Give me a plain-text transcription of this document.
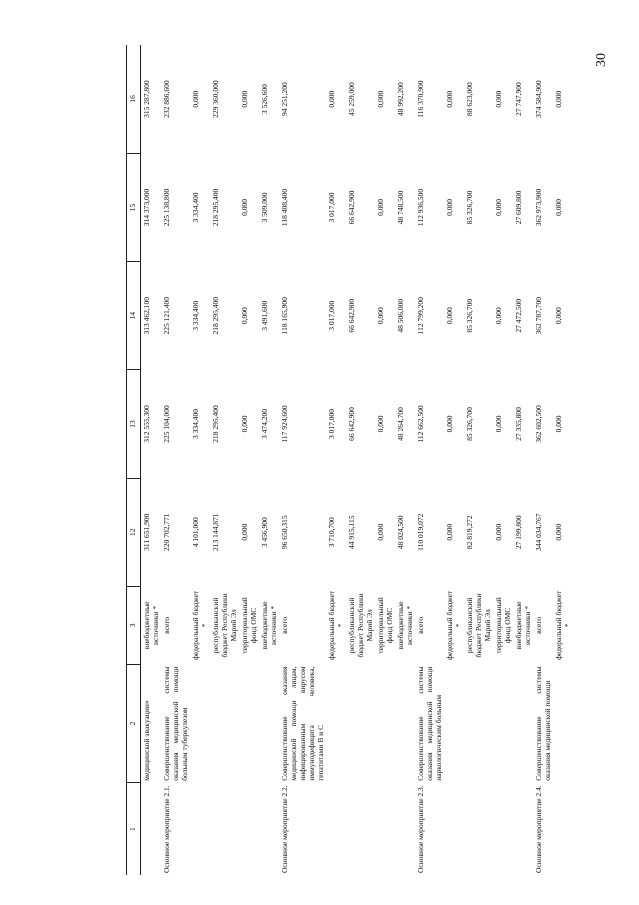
30
1	2	3	12	13	14	15	16
	медицинской эвакуации»	внебюджетные источники *	311 651,900	312 555,300	313 462,100	314 373,000	315 287,800
Основное мероприятие 2.1.	Совершенствование системы оказания медицинской помощи больным туберкулезом	всего	220 702,771	225 104,000	225 121,400	225 138,800	232 886,600
		федеральный бюджет *	4 101,000	3 334,400	3 334,400	3 334,400	0,000
		республиканский бюджет Республики Марий Эл	213 144,871	218 295,400	218 295,400	218 295,400	229 360,000
		территориальный фонд ОМС	0,000	0,000	0,000	0,000	0,000
		внебюджетные источники *	3 456,900	3 474,200	3 491,600	3 509,000	3 526,600
Основное мероприятие 2.2.	Совершенствование оказания медицинской помощи лицам, инфицированным вирусом иммунодефицита человека, гепатитами В и С	всего	96 650,315	117 924,600	118 165,900	118 408,400	94 251,200
		федеральный бюджет *	3 710,700	3 017,000	3 017,000	3 017,000	0,000
		республиканский бюджет Республики Марий Эл	44 915,115	66 642,900	66 642,900	66 642,900	45 259,000
		территориальный фонд ОМС	0,000	0,000	0,000	0,000	0,000
		внебюджетные источники *	48 024,500	48 264,700	48 506,000	48 748,500	48 992,200
Основное мероприятие 2.3.	Совершенствование системы оказания медицинской помощи наркологическим больным	всего	110 019,072	112 662,500	112 799,200	112 936,500	116 370,900
		федеральный бюджет *	0,000	0,000	0,000	0,000	0,000
		республиканский бюджет Республики Марий Эл	82 819,272	85 326,700	85 326,700	85 326,700	88 623,000
		территориальный фонд ОМС	0,000	0,000	0,000	0,000	0,000
		внебюджетные источники *	27 199,800	27 335,800	27 472,500	27 609,800	27 747,900
Основное мероприятие 2.4.	Совершенствование системы оказания медицинской помощи	всего	344 034,767	362 602,500	362 787,700	362 973,900	374 584,900
		федеральный бюджет *	0,000	0,000	0,000	0,000	0,000
